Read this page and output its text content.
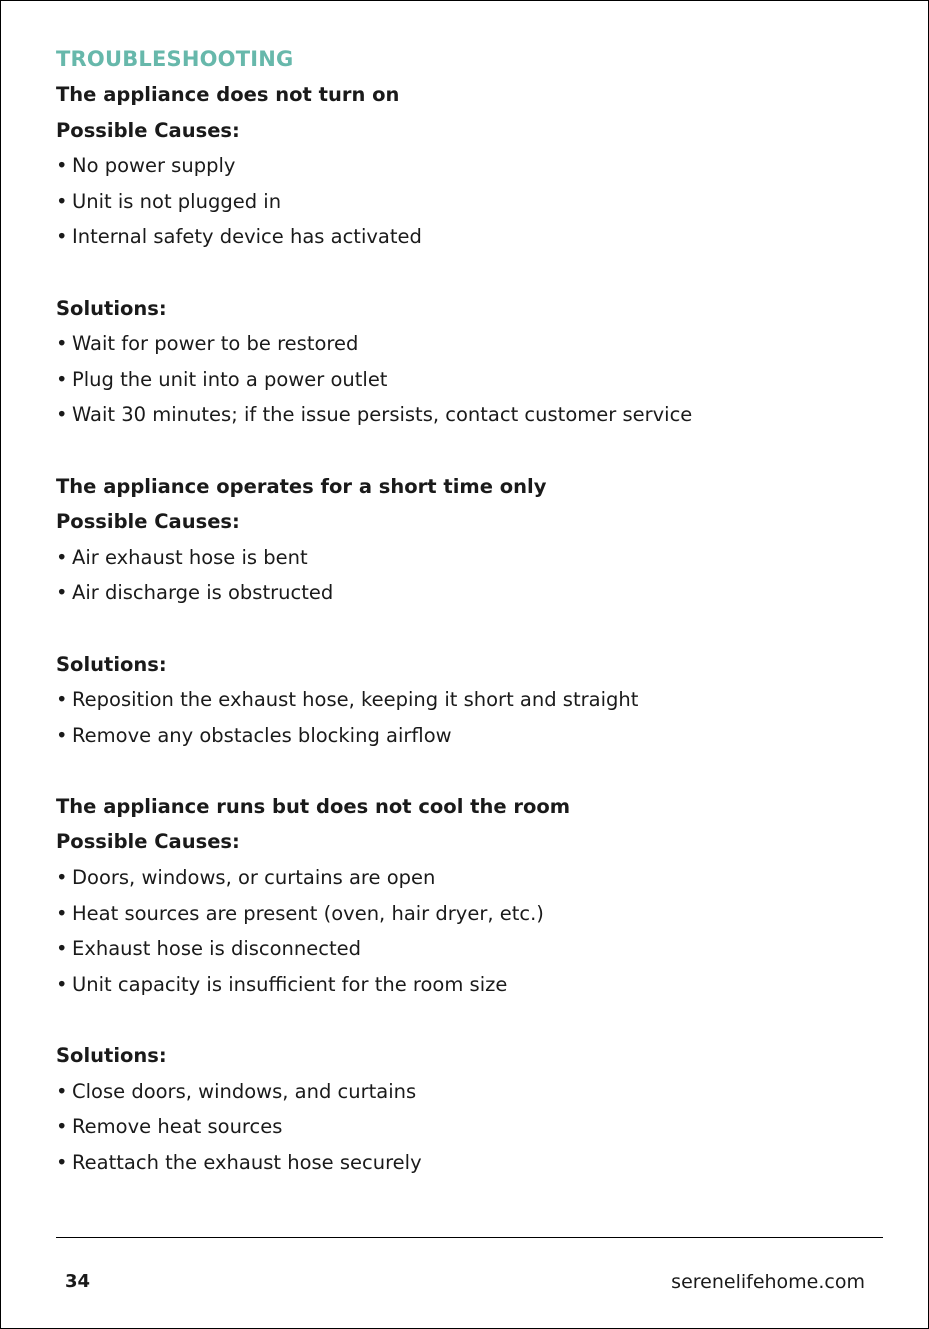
TROUBLESHOOTING
The appliance does not turn on
Possible Causes:
• No power supply
• Unit is not plugged in
• Internal safety device has activated
Solutions:
• Wait for power to be restored
• Plug the unit into a power outlet
• Wait 30 minutes; if the issue persists, contact customer service
The appliance operates for a short time only
Possible Causes:
• Air exhaust hose is bent
• Air discharge is obstructed
Solutions:
• Reposition the exhaust hose, keeping it short and straight
• Remove any obstacles blocking airflow
The appliance runs but does not cool the room
Possible Causes:
• Doors, windows, or curtains are open
• Heat sources are present (oven, hair dryer, etc.)
• Exhaust hose is disconnected
• Unit capacity is insufficient for the room size
Solutions:
• Close doors, windows, and curtains
• Remove heat sources
• Reattach the exhaust hose securely
34	serenelifehome.com
